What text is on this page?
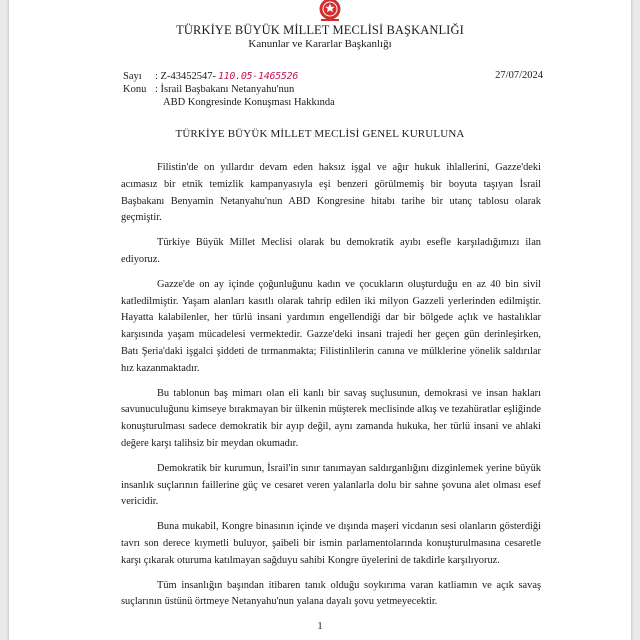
TÜRKİYE BÜYÜK MİLLET MECLİSİ BAŞKANLIĞI
Kanunlar ve Kararlar Başkanlığı
Sayı : Z-43452547- 110.05-1465526	27/07/2024
Konu : İsrail Başbakanı Netanyahu'nun
ABD Kongresinde Konuşması Hakkında
TÜRKİYE BÜYÜK MİLLET MECLİSİ GENEL KURULUNA

Filistin'de on yıllardır devam eden haksız işgal ve ağır hukuk ihlallerini, Gazze'deki acımasız bir etnik temizlik kampanyasıyla eşi benzeri görülmemiş bir boyuta taşıyan İsrail Başbakanı Benyamin Netanyahu'nun ABD Kongresine hitabı tarihe bir utanç tablosu olarak geçmiştir.

Türkiye Büyük Millet Meclisi olarak bu demokratik ayıbı esefle karşıladığımızı ilan ediyoruz.

Gazze'de on ay içinde çoğunluğunu kadın ve çocukların oluşturduğu en az 40 bin sivil katledilmiştir. Yaşam alanları kasıtlı olarak tahrip edilen iki milyon Gazzeli yerlerinden edilmiştir. Hayatta kalabilenler, her türlü insani yardımın engellendiği dar bir bölgede açlık ve hastalıklar karşısında yaşam mücadelesi vermektedir. Gazze'deki insani trajedi her geçen gün derinleşirken, Batı Şeria'daki işgalci şiddeti de tırmanmakta; Filistinlilerin canına ve mülklerine yönelik saldırılar hız kazanmaktadır.

Bu tablonun baş mimarı olan eli kanlı bir savaş suçlusunun, demokrasi ve insan hakları savunuculuğunu kimseye bırakmayan bir ülkenin müşterek meclisinde alkış ve tezahüratlar eşliğinde konuşturulması sadece demokratik bir ayıp değil, aynı zamanda hukuka, her türlü insani ve ahlaki değere karşı talihsiz bir meydan okumadır.

Demokratik bir kurumun, İsrail'in sınır tanımayan saldırganlığını dizginlemek yerine büyük insanlık suçlarının faillerine güç ve cesaret veren yalanlarla dolu bir sahne şovuna alet olması esef vericidir.

Buna mukabil, Kongre binasının içinde ve dışında maşeri vicdanın sesi olanların gösterdiği tavrı son derece kıymetli buluyor, şaibeli bir ismin parlamentolarında konuşturulmasına cesaretle karşı çıkarak oturuma katılmayan sağduyu sahibi Kongre üyelerini de takdirle karşılıyoruz.

Tüm insanlığın başından itibaren tanık olduğu soykırıma varan katliamın ve açık savaş suçlarının üstünü örtmeye Netanyahu'nun yalana dayalı şovu yetmeyecektir.

1
